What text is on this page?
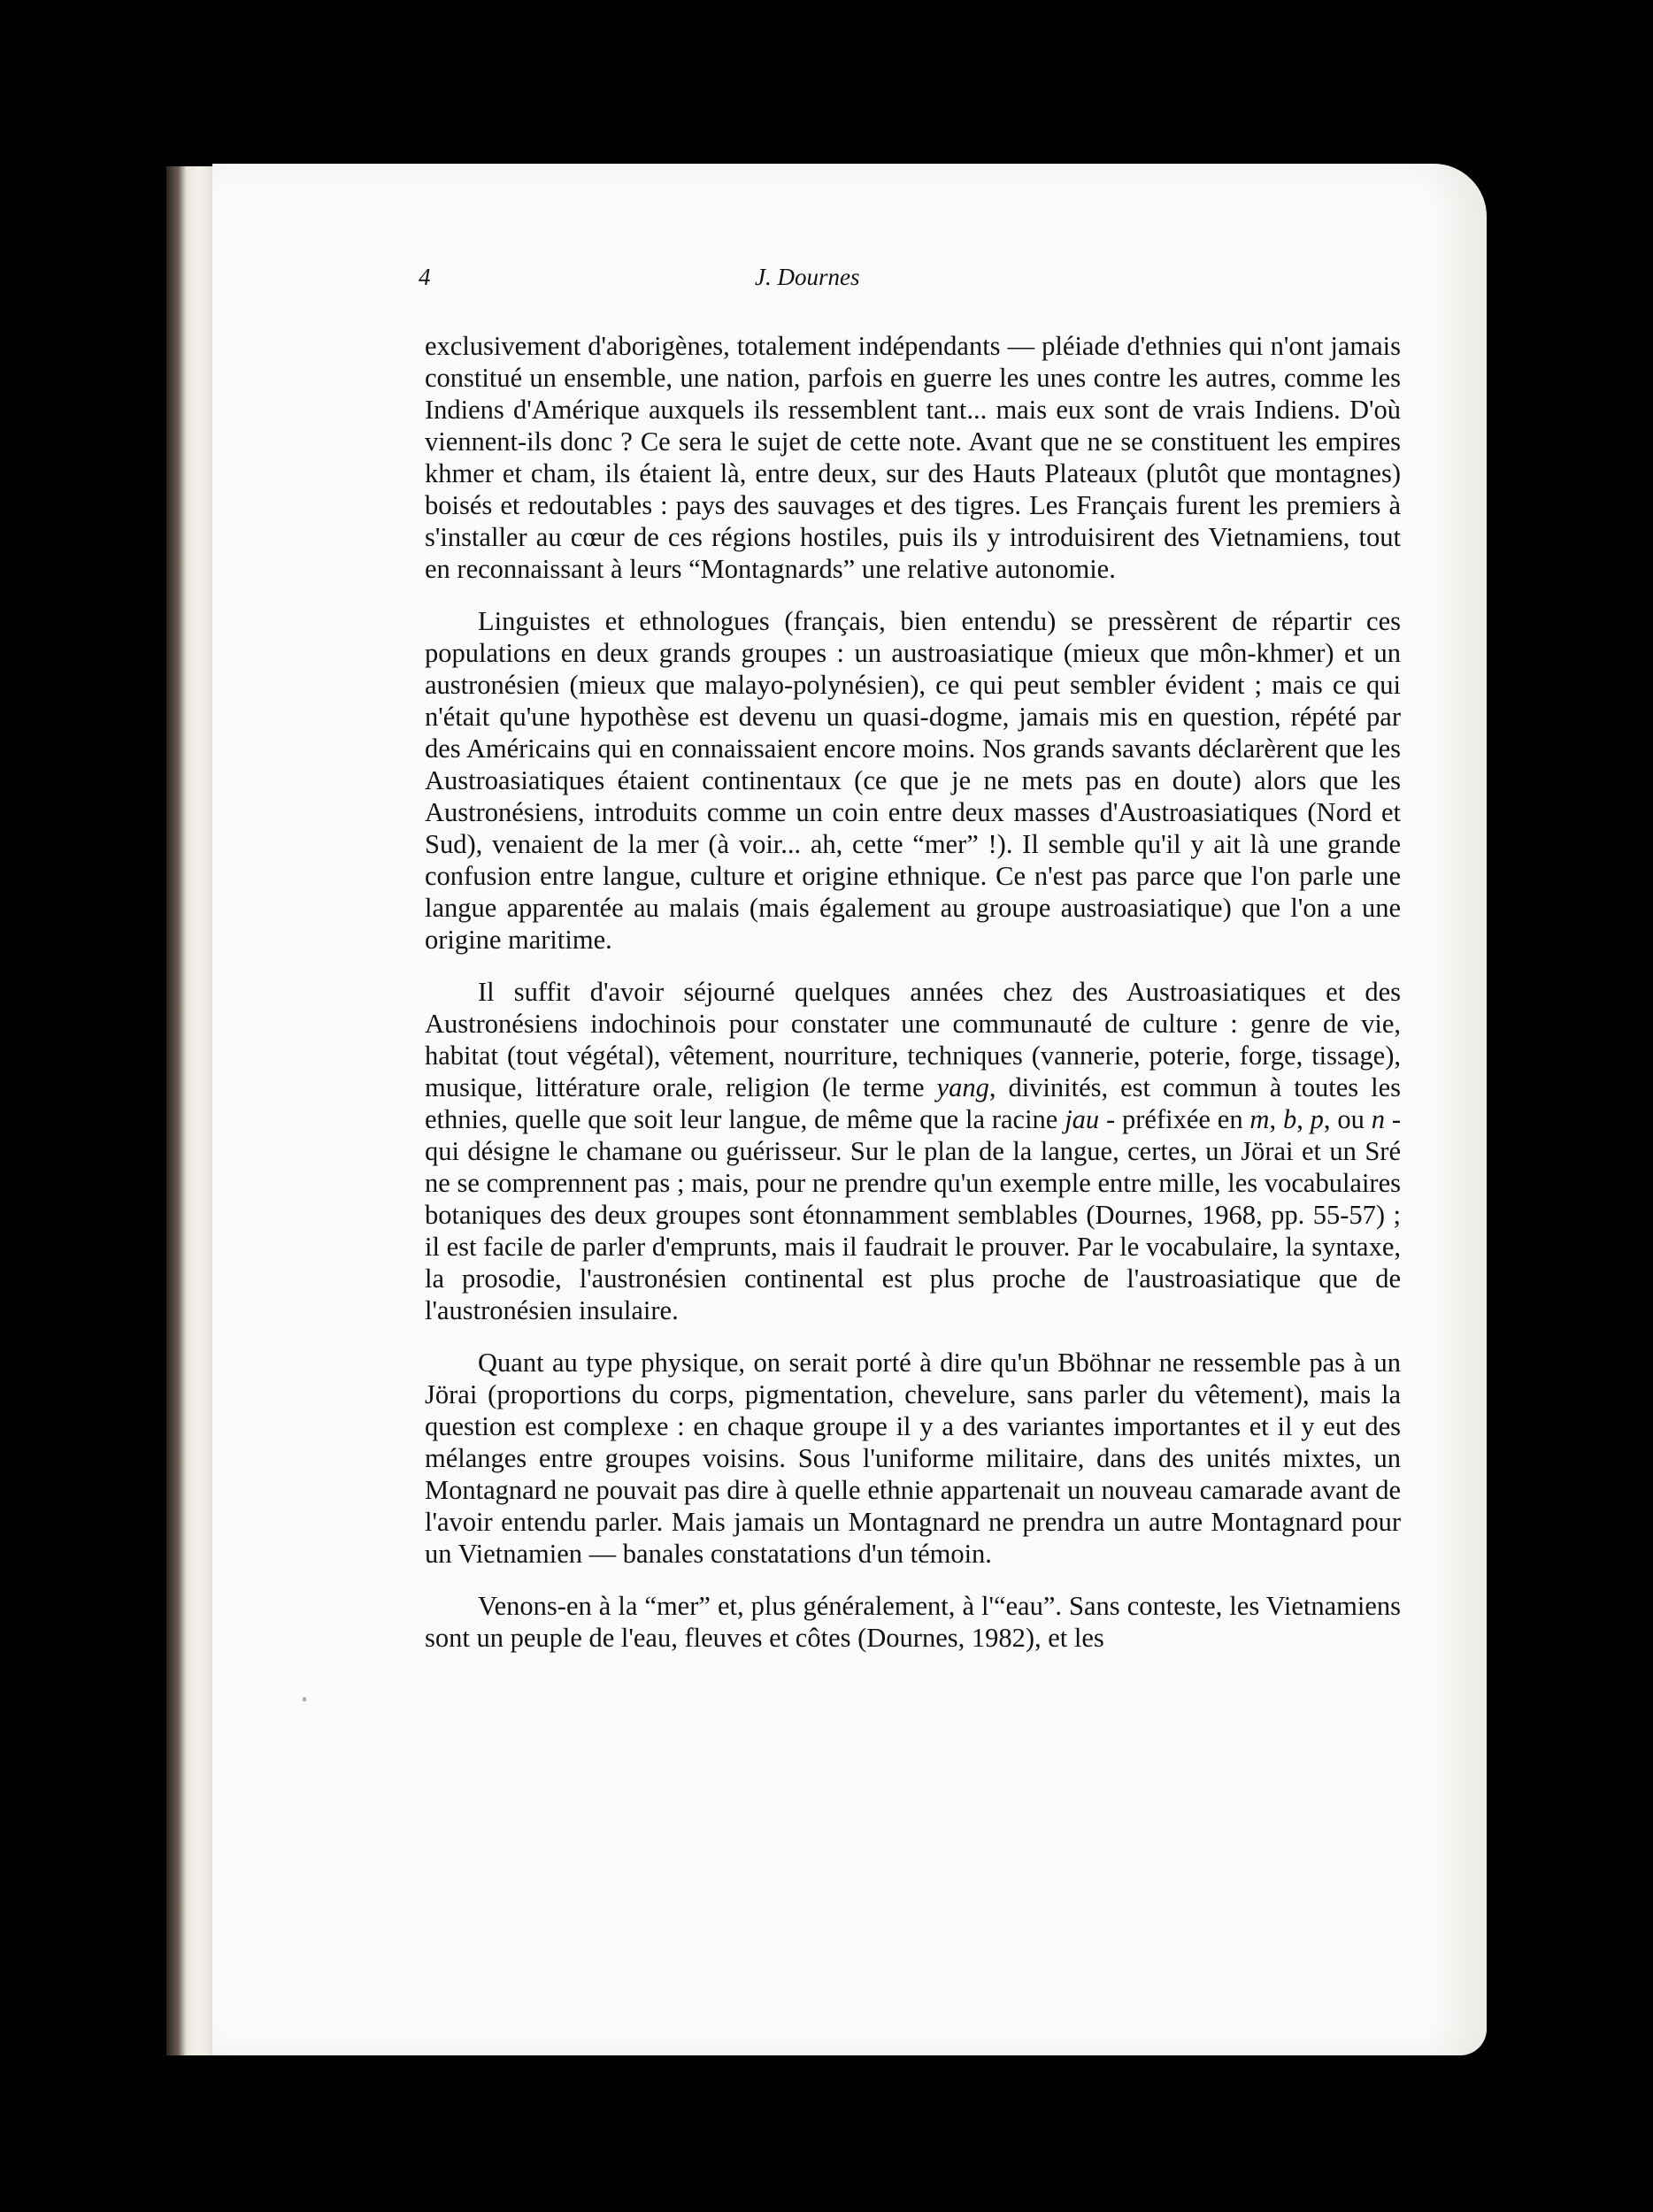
4	J. Dournes

exclusivement d'aborigènes, totalement indépendants — pléiade d'ethnies qui n'ont jamais constitué un ensemble, une nation, parfois en guerre les unes contre les autres, comme les Indiens d'Amérique auxquels ils ressemblent tant... mais eux sont de vrais Indiens. D'où viennent-ils donc ? Ce sera le sujet de cette note. Avant que ne se constituent les empires khmer et cham, ils étaient là, entre deux, sur des Hauts Plateaux (plutôt que montagnes) boisés et redoutables : pays des sauvages et des tigres. Les Français furent les premiers à s'installer au cœur de ces régions hostiles, puis ils y introduisirent des Vietnamiens, tout en reconnaissant à leurs “Montagnards” une relative autonomie.

Linguistes et ethnologues (français, bien entendu) se pressèrent de répartir ces populations en deux grands groupes : un austroasiatique (mieux que môn-khmer) et un austronésien (mieux que malayo-polynésien), ce qui peut sembler évident ; mais ce qui n'était qu'une hypothèse est devenu un quasi-dogme, jamais mis en question, répété par des Américains qui en connaissaient encore moins. Nos grands savants déclarèrent que les Austroasiatiques étaient continentaux (ce que je ne mets pas en doute) alors que les Austronésiens, introduits comme un coin entre deux masses d'Austroasiatiques (Nord et Sud), venaient de la mer (à voir... ah, cette “mer” !). Il semble qu'il y ait là une grande confusion entre langue, culture et origine ethnique. Ce n'est pas parce que l'on parle une langue apparentée au malais (mais également au groupe austroasiatique) que l'on a une origine maritime.

Il suffit d'avoir séjourné quelques années chez des Austroasiatiques et des Austronésiens indochinois pour constater une communauté de culture : genre de vie, habitat (tout végétal), vêtement, nourriture, techniques (vannerie, poterie, forge, tissage), musique, littérature orale, religion (le terme yang, divinités, est commun à toutes les ethnies, quelle que soit leur langue, de même que la racine jau - préfixée en m, b, p, ou n - qui désigne le chamane ou guérisseur. Sur le plan de la langue, certes, un Jörai et un Sré ne se comprennent pas ; mais, pour ne prendre qu'un exemple entre mille, les vocabulaires botaniques des deux groupes sont étonnamment semblables (Dournes, 1968, pp. 55-57) ; il est facile de parler d'emprunts, mais il faudrait le prouver. Par le vocabulaire, la syntaxe, la prosodie, l'austronésien continental est plus proche de l'austroasiatique que de l'austronésien insulaire.

Quant au type physique, on serait porté à dire qu'un Bböhnar ne ressemble pas à un Jörai (proportions du corps, pigmentation, chevelure, sans parler du vêtement), mais la question est complexe : en chaque groupe il y a des variantes importantes et il y eut des mélanges entre groupes voisins. Sous l'uniforme militaire, dans des unités mixtes, un Montagnard ne pouvait pas dire à quelle ethnie appartenait un nouveau camarade avant de l'avoir entendu parler. Mais jamais un Montagnard ne prendra un autre Montagnard pour un Vietnamien — banales constatations d'un témoin.

Venons-en à la “mer” et, plus généralement, à l'“eau”. Sans conteste, les Vietnamiens sont un peuple de l'eau, fleuves et côtes (Dournes, 1982), et les
